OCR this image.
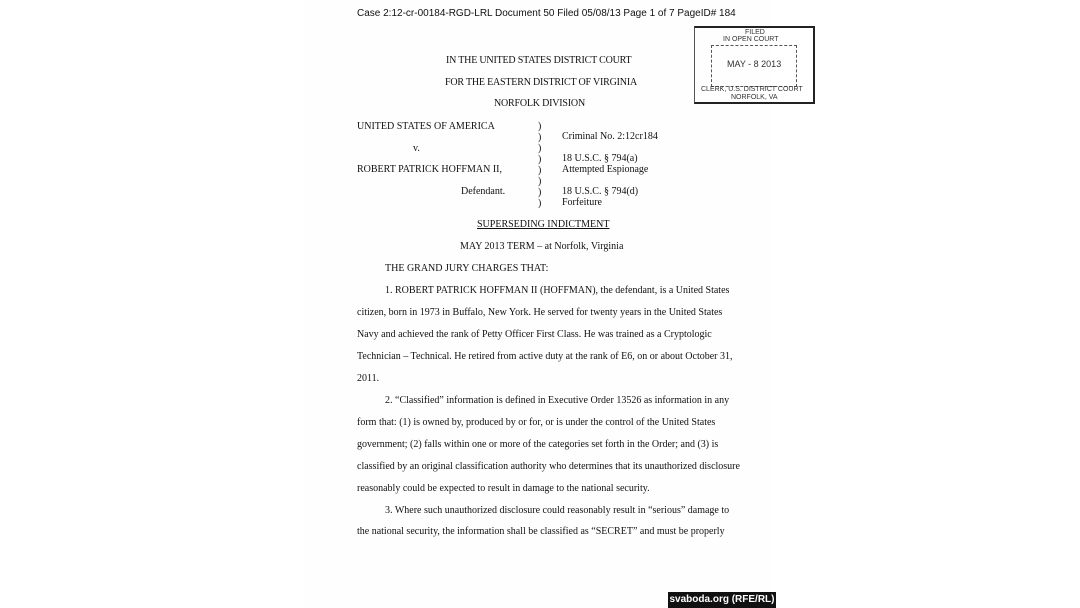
Case 2:12-cr-00184-RGD-LRL Document 50 Filed 05/08/13 Page 1 of 7 PageID# 184
FILED
IN OPEN COURT
MAY - 8 2013
CLERK, U.S. DISTRICT COURT
NORFOLK, VA
IN THE UNITED STATES DISTRICT COURT
FOR THE EASTERN DISTRICT OF VIRGINIA
NORFOLK DIVISION
UNITED STATES OF AMERICA
v.
ROBERT PATRICK HOFFMAN II,
Defendant.
)
)
)
)
)
)
)
)
Criminal No. 2:12cr184
18 U.S.C. § 794(a)
Attempted Espionage
18 U.S.C. § 794(d)
Forfeiture
SUPERSEDING INDICTMENT
MAY 2013 TERM – at Norfolk, Virginia
THE GRAND JURY CHARGES THAT:
1. ROBERT PATRICK HOFFMAN II (HOFFMAN), the defendant, is a United States
citizen, born in 1973 in Buffalo, New York. He served for twenty years in the United States
Navy and achieved the rank of Petty Officer First Class. He was trained as a Cryptologic
Technician – Technical. He retired from active duty at the rank of E6, on or about October 31,
2011.
2. “Classified” information is defined in Executive Order 13526 as information in any
form that: (1) is owned by, produced by or for, or is under the control of the United States
government; (2) falls within one or more of the categories set forth in the Order; and (3) is
classified by an original classification authority who determines that its unauthorized disclosure
reasonably could be expected to result in damage to the national security.
3. Where such unauthorized disclosure could reasonably result in “serious” damage to
the national security, the information shall be classified as “SECRET” and must be properly
svaboda.org (RFE/RL)
